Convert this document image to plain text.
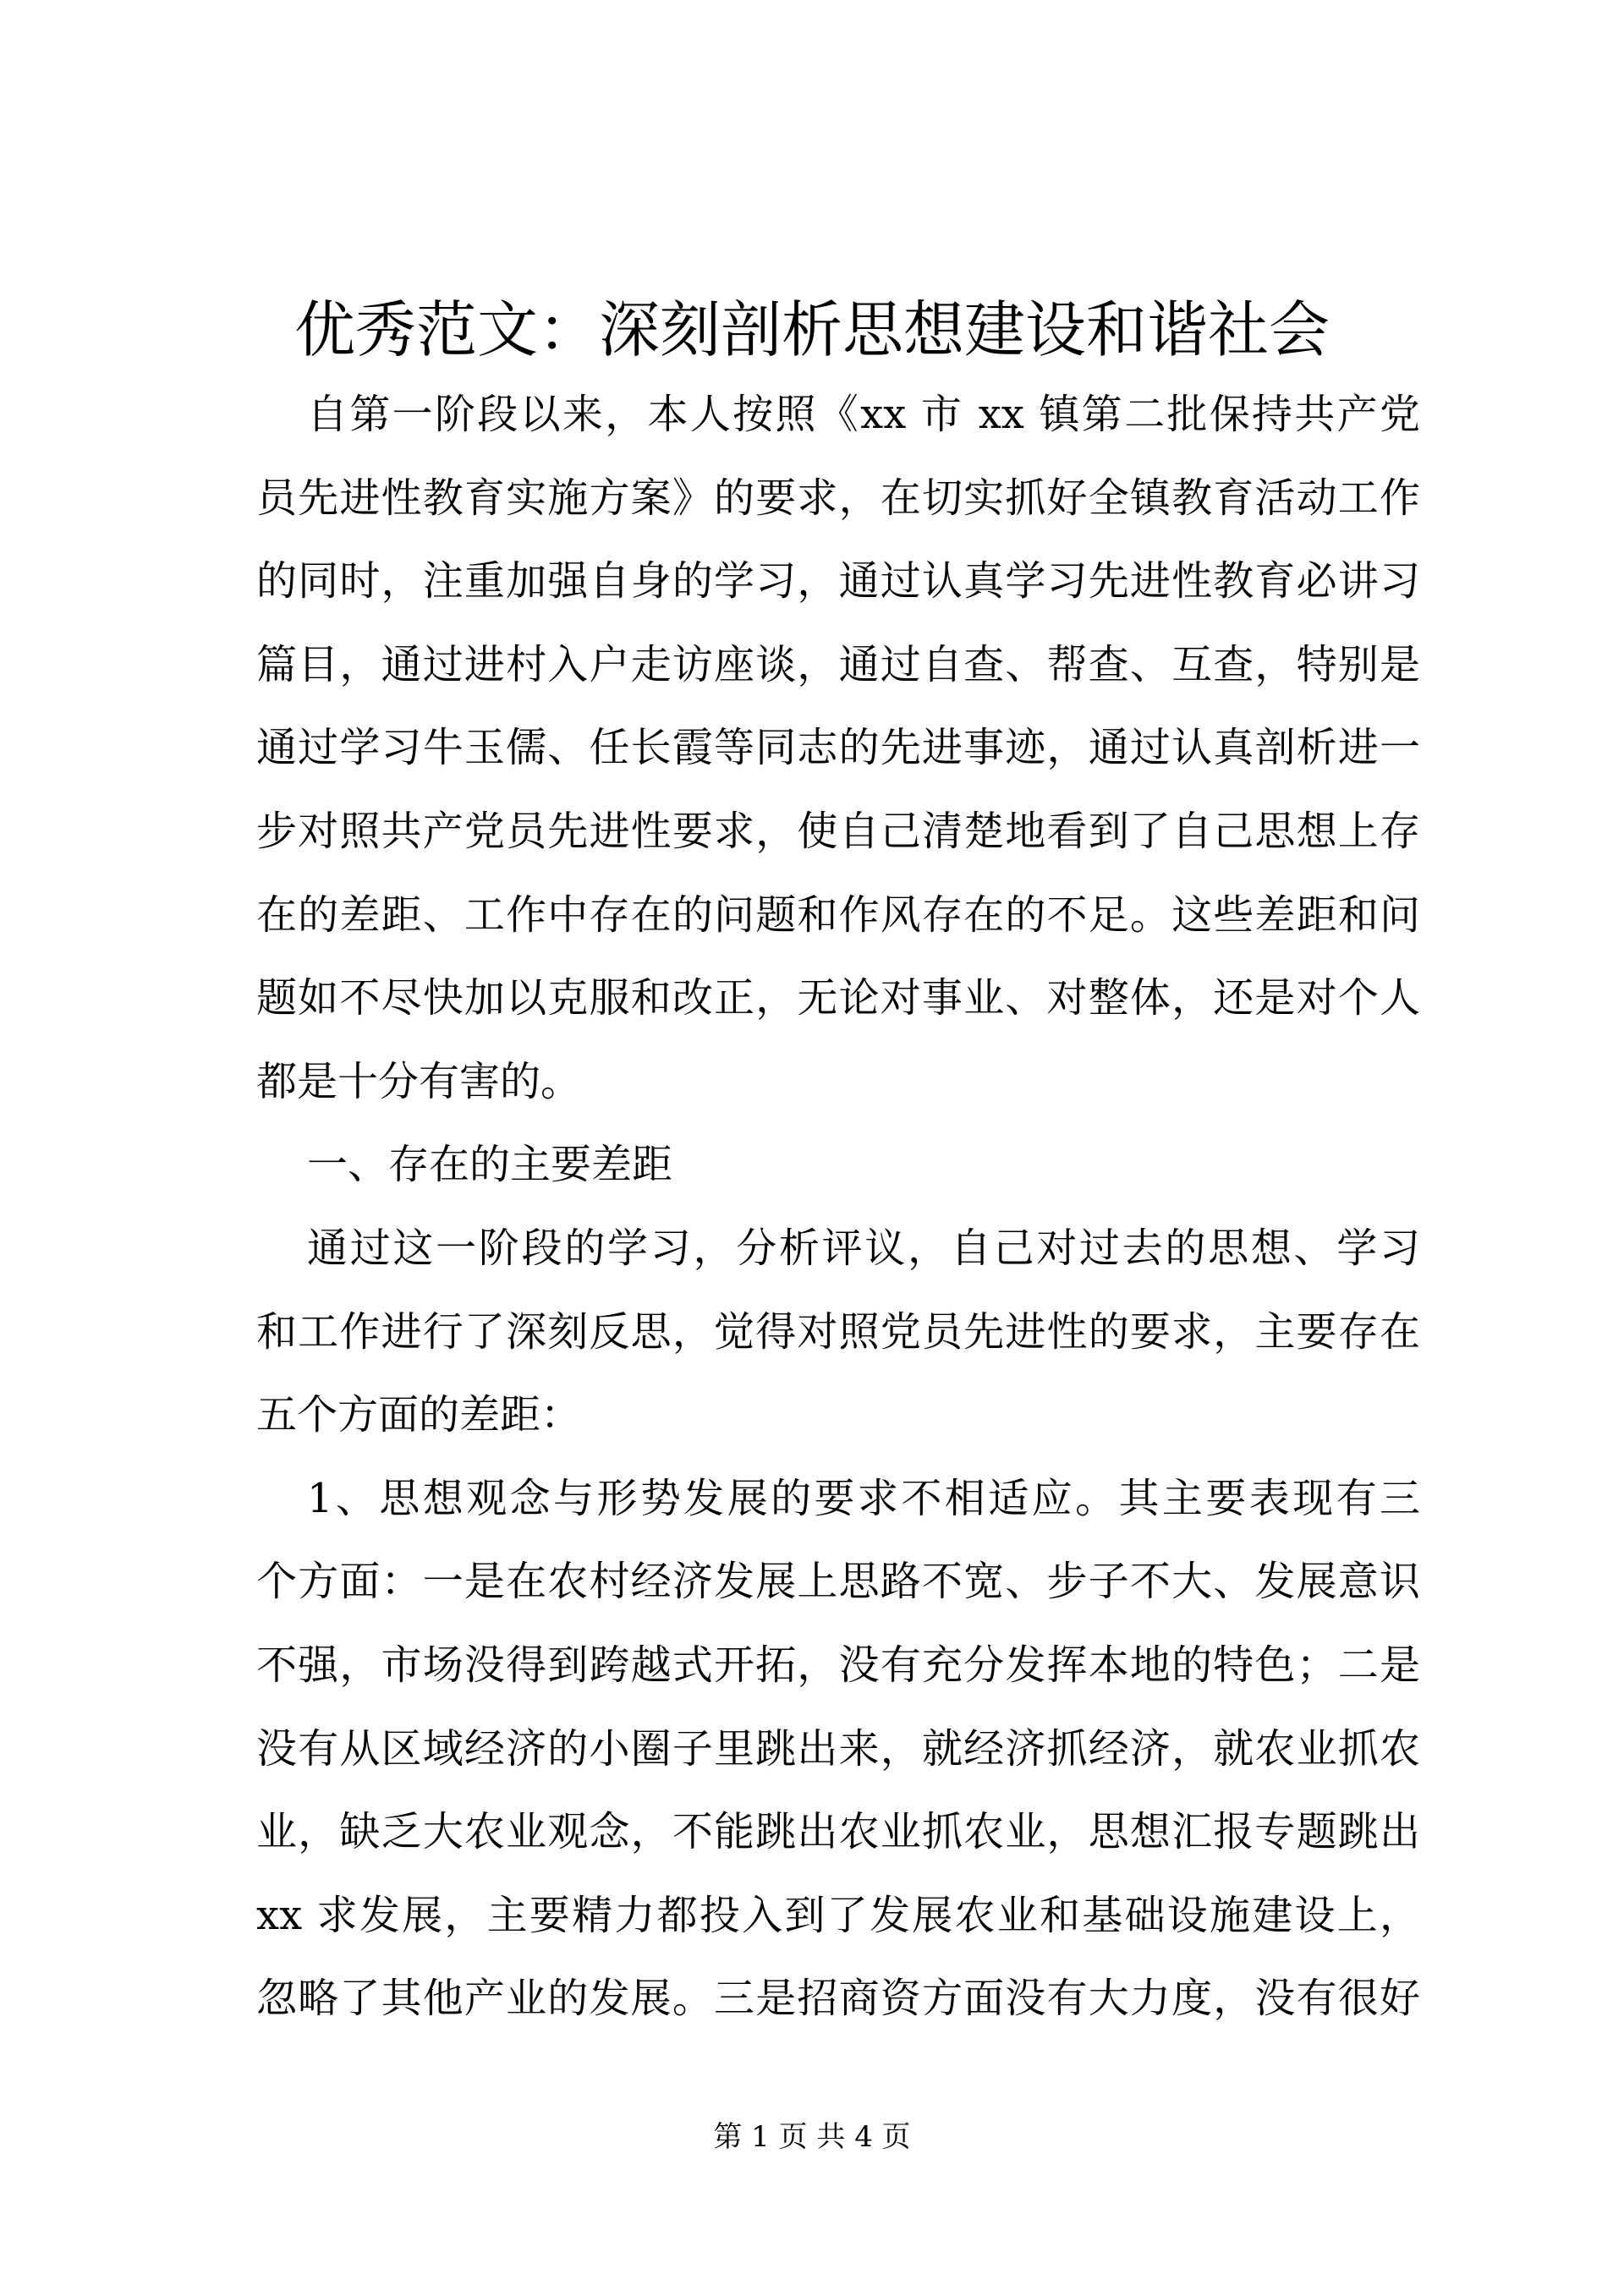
优秀范文：深刻剖析思想建设和谐社会
自第一阶段以来，本人按照《xx 市 xx 镇第二批保持共产党
员先进性教育实施方案》的要求，在切实抓好全镇教育活动工作
的同时，注重加强自身的学习，通过认真学习先进性教育必讲习
篇目，通过进村入户走访座谈，通过自查、帮查、互查，特别是
通过学习牛玉儒、任长霞等同志的先进事迹，通过认真剖析进一
步对照共产党员先进性要求，使自己清楚地看到了自己思想上存
在的差距、工作中存在的问题和作风存在的不足。这些差距和问
题如不尽快加以克服和改正，无论对事业、对整体，还是对个人
都是十分有害的。
一、存在的主要差距
通过这一阶段的学习，分析评议，自己对过去的思想、学习
和工作进行了深刻反思，觉得对照党员先进性的要求，主要存在
五个方面的差距：
1、思想观念与形势发展的要求不相适应。其主要表现有三
个方面：一是在农村经济发展上思路不宽、步子不大、发展意识
不强，市场没得到跨越式开拓，没有充分发挥本地的特色；二是
没有从区域经济的小圈子里跳出来，就经济抓经济，就农业抓农
业，缺乏大农业观念，不能跳出农业抓农业，思想汇报专题跳出
xx 求发展，主要精力都投入到了发展农业和基础设施建设上，
忽略了其他产业的发展。三是招商资方面没有大力度，没有很好
第 1 页 共 4 页
